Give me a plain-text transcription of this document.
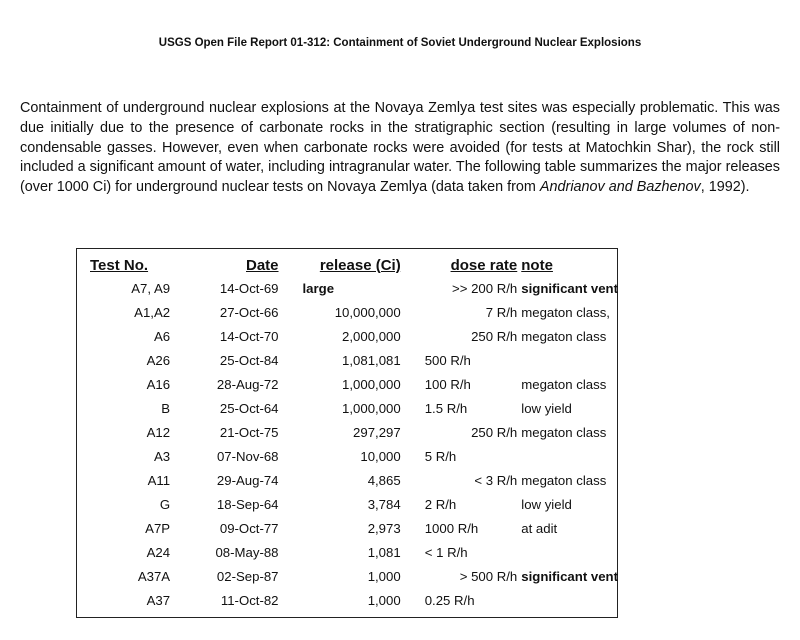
USGS Open File Report 01-312: Containment of Soviet Underground Nuclear Explosions
Containment of underground nuclear explosions at the Novaya Zemlya test sites was especially problematic. This was due initially due to the presence of carbonate rocks in the stratigraphic section (resulting in large volumes of non-condensable gasses. However, even when carbonate rocks were avoided (for tests at Matochkin Shar), the rock still included a significant amount of water, including intragranular water. The following table summarizes the major releases (over 1000 Ci) for underground nuclear tests on Novaya Zemlya (data taken from Andrianov and Bazhenov, 1992).
Test No.	Date	release (Ci)	dose rate	note
A7, A9	14-Oct-69	large	>> 200 R/h	significant vent
A1,A2	27-Oct-66	10,000,000	7 R/h	megaton class,
A6	14-Oct-70	2,000,000	250 R/h	megaton class
A26	25-Oct-84	1,081,081	500 R/h	
A16	28-Aug-72	1,000,000	100 R/h	megaton class
B	25-Oct-64	1,000,000	1.5 R/h	low yield
A12	21-Oct-75	297,297	250 R/h	megaton class
A3	07-Nov-68	10,000	5 R/h	
A11	29-Aug-74	4,865	< 3 R/h	megaton class
G	18-Sep-64	3,784	2 R/h	low yield
A7P	09-Oct-77	2,973	1000 R/h	at adit
A24	08-May-88	1,081	< 1 R/h	
A37A	02-Sep-87	1,000	> 500 R/h	significant vent
A37	11-Oct-82	1,000	0.25 R/h	
